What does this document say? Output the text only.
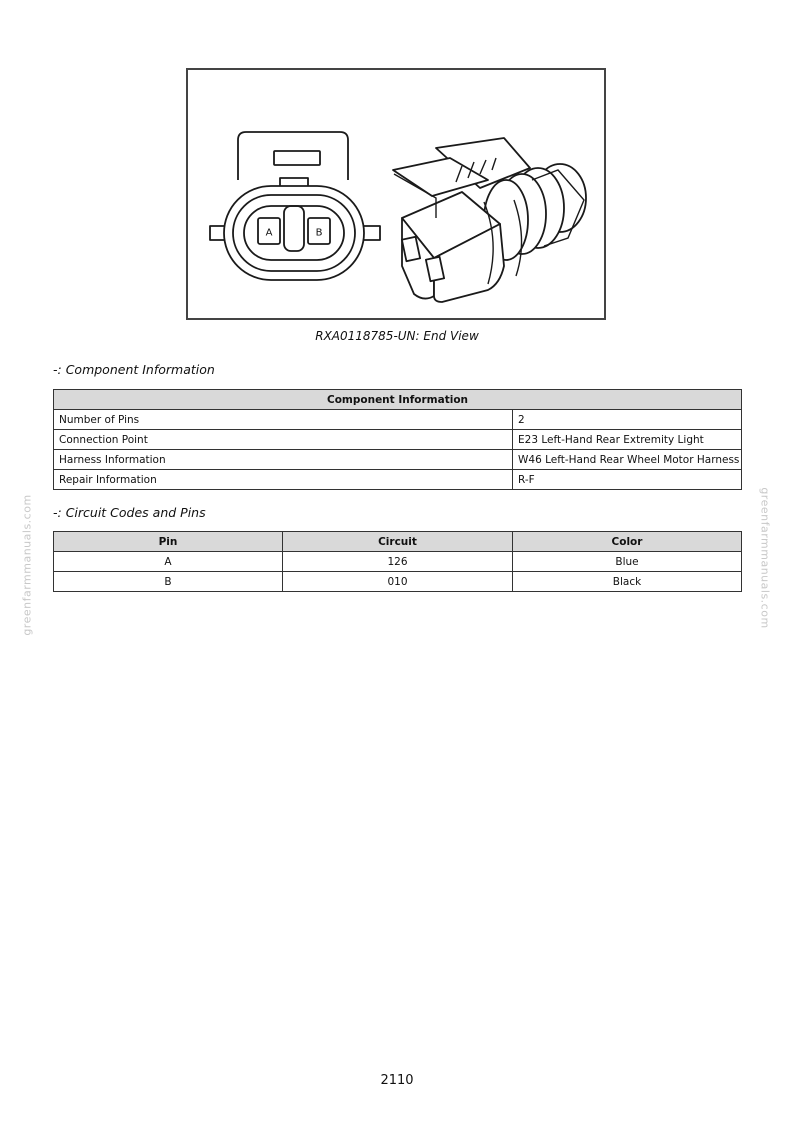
A	B
RXA0118785-UN: End View
-: Component Information
Component Information	
Number of Pins	2
Connection Point	E23 Left-Hand Rear Extremity Light
Harness Information	W46 Left-Hand Rear Wheel Motor Harness
Repair Information	R-F
-: Circuit Codes and Pins
Pin	Circuit	Color
A	126	Blue
B	010	Black
greenfarmmanuals.com	greenfarmmanuals.com
2110
